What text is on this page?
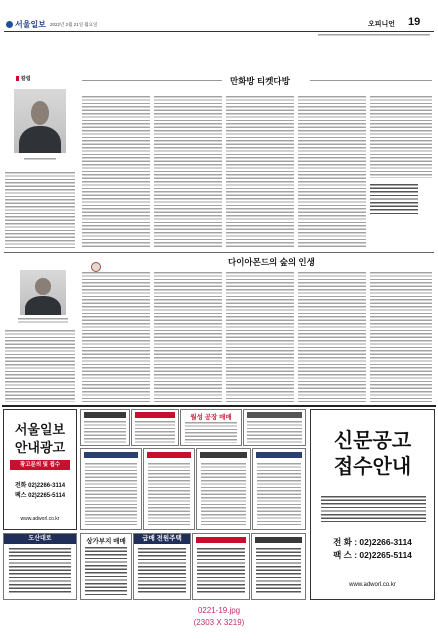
서울일보 2022년 2월 21일 월요일	오피니언 19
칼럼	만화방 티켓다방
다이아몬드의 숲의 인생
서울일보
안내광고
광고문의 및 접수
전화 02)2266-3114
팩스 02)2265-5114
www.adworl.co.kr
도산대로
월성 공장 매매
상가부지 매매	급매 전원주택
신문공고
접수안내
전 화 : 02)2266-3114
팩 스 : 02)2265-5114
www.adworl.co.kr
0221-19.jpg
(2303 X 3219)
